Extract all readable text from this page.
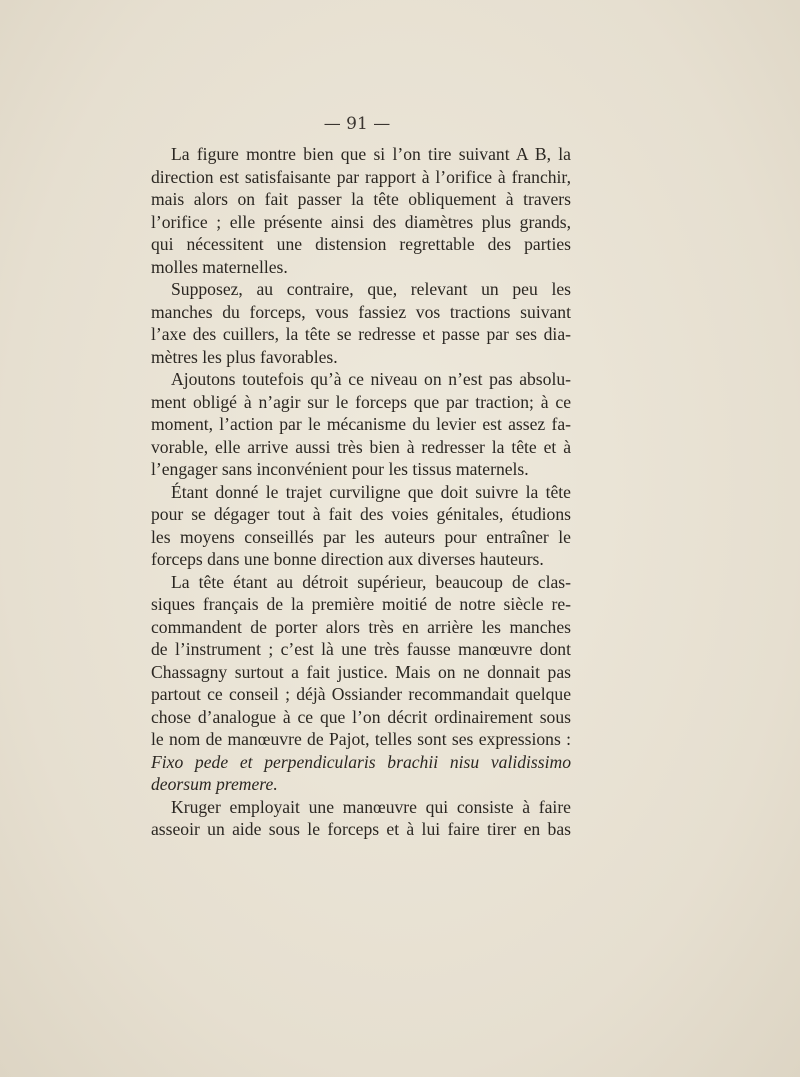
— 91 —
La figure montre bien que si l’on tire suivant A B, la
direction est satisfaisante par rapport à l’orifice à franchir,
mais alors on fait passer la tête obliquement à travers
l’orifice ; elle présente ainsi des diamètres plus grands,
qui nécessitent une distension regrettable des parties
molles maternelles.
Supposez, au contraire, que, relevant un peu les
manches du forceps, vous fassiez vos tractions suivant
l’axe des cuillers, la tête se redresse et passe par ses dia-
mètres les plus favorables.
Ajoutons toutefois qu’à ce niveau on n’est pas absolu-
ment obligé à n’agir sur le forceps que par traction; à ce
moment, l’action par le mécanisme du levier est assez fa-
vorable, elle arrive aussi très bien à redresser la tête et à
l’engager sans inconvénient pour les tissus maternels.
Étant donné le trajet curviligne que doit suivre la tête
pour se dégager tout à fait des voies génitales, étudions
les moyens conseillés par les auteurs pour entraîner le
forceps dans une bonne direction aux diverses hauteurs.
La tête étant au détroit supérieur, beaucoup de clas-
siques français de la première moitié de notre siècle re-
commandent de porter alors très en arrière les manches
de l’instrument ; c’est là une très fausse manœuvre dont
Chassagny surtout a fait justice. Mais on ne donnait pas
partout ce conseil ; déjà Ossiander recommandait quelque
chose d’analogue à ce que l’on décrit ordinairement sous
le nom de manœuvre de Pajot, telles sont ses expressions :
Fixo pede et perpendicularis brachii nisu validissimo
deorsum premere.
Kruger employait une manœuvre qui consiste à faire
asseoir un aide sous le forceps et à lui faire tirer en bas
